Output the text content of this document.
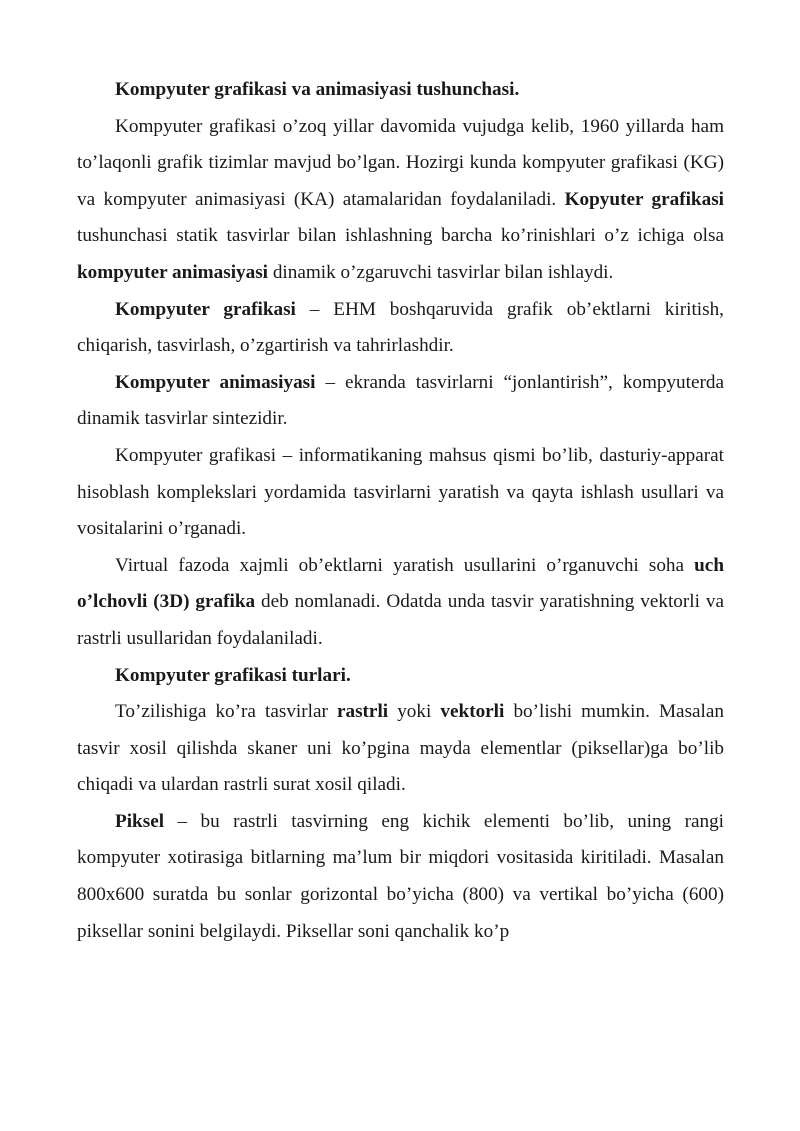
Kompyuter grafikasi va animasiyasi tushunchasi.

Kompyuter grafikasi o’zoq yillar davomida vujudga kelib, 1960 yillarda ham to’laqonli grafik tizimlar mavjud bo’lgan. Hozirgi kunda kompyuter grafikasi (KG) va kompyuter animasiyasi (KA) atamalaridan foydalaniladi. Kopyuter grafikasi tushunchasi statik tasvirlar bilan ishlashning barcha ko’rinishlari o’z ichiga olsa kompyuter animasiyasi dinamik o’zgaruvchi tasvirlar bilan ishlaydi.

Kompyuter grafikasi – EHM boshqaruvida grafik ob’ektlarni kiritish, chiqarish, tasvirlash, o’zgartirish va tahrirlashdir.

Kompyuter animasiyasi – ekranda tasvirlarni “jonlantirish”, kompyuterda dinamik tasvirlar sintezidir.

Kompyuter grafikasi – informatikaning mahsus qismi bo’lib, dasturiy-apparat hisoblash komplekslari yordamida tasvirlarni yaratish va qayta ishlash usullari va vositalarini o’rganadi.

Virtual fazoda xajmli ob’ektlarni yaratish usullarini o’rganuvchi soha uch o’lchovli (3D) grafika deb nomlanadi. Odatda unda tasvir yaratishning vektorli va rastrli usullaridan foydalaniladi.

Kompyuter grafikasi turlari.

To’zilishiga ko’ra tasvirlar rastrli yoki vektorli bo’lishi mumkin. Masalan tasvir xosil qilishda skaner uni ko’pgina mayda elementlar (piksellar)ga bo’lib chiqadi va ulardan rastrli surat xosil qiladi.

Piksel – bu rastrli tasvirning eng kichik elementi bo’lib, uning rangi kompyuter xotirasiga bitlarning ma’lum bir miqdori vositasida kiritiladi. Masalan 800x600 suratda bu sonlar gorizontal bo’yicha (800) va vertikal bo’yicha (600) piksellar sonini belgilaydi. Piksellar soni qanchalik ko’p
